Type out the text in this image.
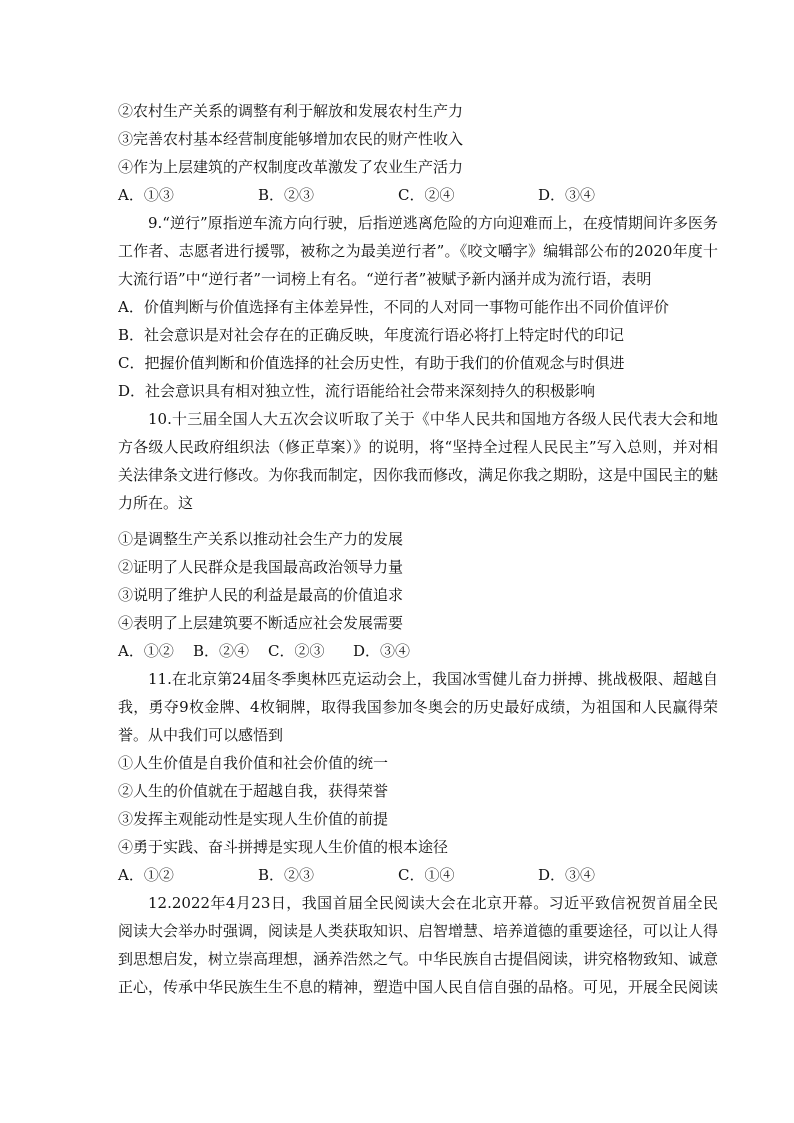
②农村生产关系的调整有利于解放和发展农村生产力
③完善农村基本经营制度能够增加农民的财产性收入
④作为上层建筑的产权制度改革激发了农业生产活力
A．①③	B．②③	C．②④	D．③④
9.“逆行”原指逆车流方向行驶，后指逆逃离危险的方向迎难而上，在疫情期间许多医务工作者、志愿者进行援鄂，被称之为最美逆行者”。《咬文嚼字》编辑部公布的2020年度十大流行语”中“逆行者”一词榜上有名。“逆行者”被赋予新内涵并成为流行语，表明
A．价值判断与价值选择有主体差异性，不同的人对同一事物可能作出不同价值评价
B．社会意识是对社会存在的正确反映，年度流行语必将打上特定时代的印记
C．把握价值判断和价值选择的社会历史性，有助于我们的价值观念与时俱进
D．社会意识具有相对独立性，流行语能给社会带来深刻持久的积极影响
10.十三届全国人大五次会议听取了关于《中华人民共和国地方各级人民代表大会和地方各级人民政府组织法（修正草案）》的说明，将“坚持全过程人民民主”写入总则，并对相关法律条文进行修改。为你我而制定，因你我而修改，满足你我之期盼，这是中国民主的魅力所在。这
①是调整生产关系以推动社会生产力的发展
②证明了人民群众是我国最高政治领导力量
③说明了维护人民的利益是最高的价值追求
④表明了上层建筑要不断适应社会发展需要
A．①②	B．②④	C．②③	D．③④
11.在北京第24届冬季奥林匹克运动会上，我国冰雪健儿奋力拼搏、挑战极限、超越自我，勇夺9枚金牌、4枚铜牌，取得我国参加冬奥会的历史最好成绩，为祖国和人民赢得荣誉。从中我们可以感悟到
①人生价值是自我价值和社会价值的统一
②人生的价值就在于超越自我，获得荣誉
③发挥主观能动性是实现人生价值的前提
④勇于实践、奋斗拼搏是实现人生价值的根本途径
A．①②	B．②③	C．①④	D．③④
12.2022年4月23日，我国首届全民阅读大会在北京开幕。习近平致信祝贺首届全民阅读大会举办时强调，阅读是人类获取知识、启智增慧、培养道德的重要途径，可以让人得到思想启发，树立崇高理想，涵养浩然之气。中华民族自古提倡阅读，讲究格物致知、诚意正心，传承中华民族生生不息的精神，塑造中国人民自信自强的品格。可见，开展全民阅读
